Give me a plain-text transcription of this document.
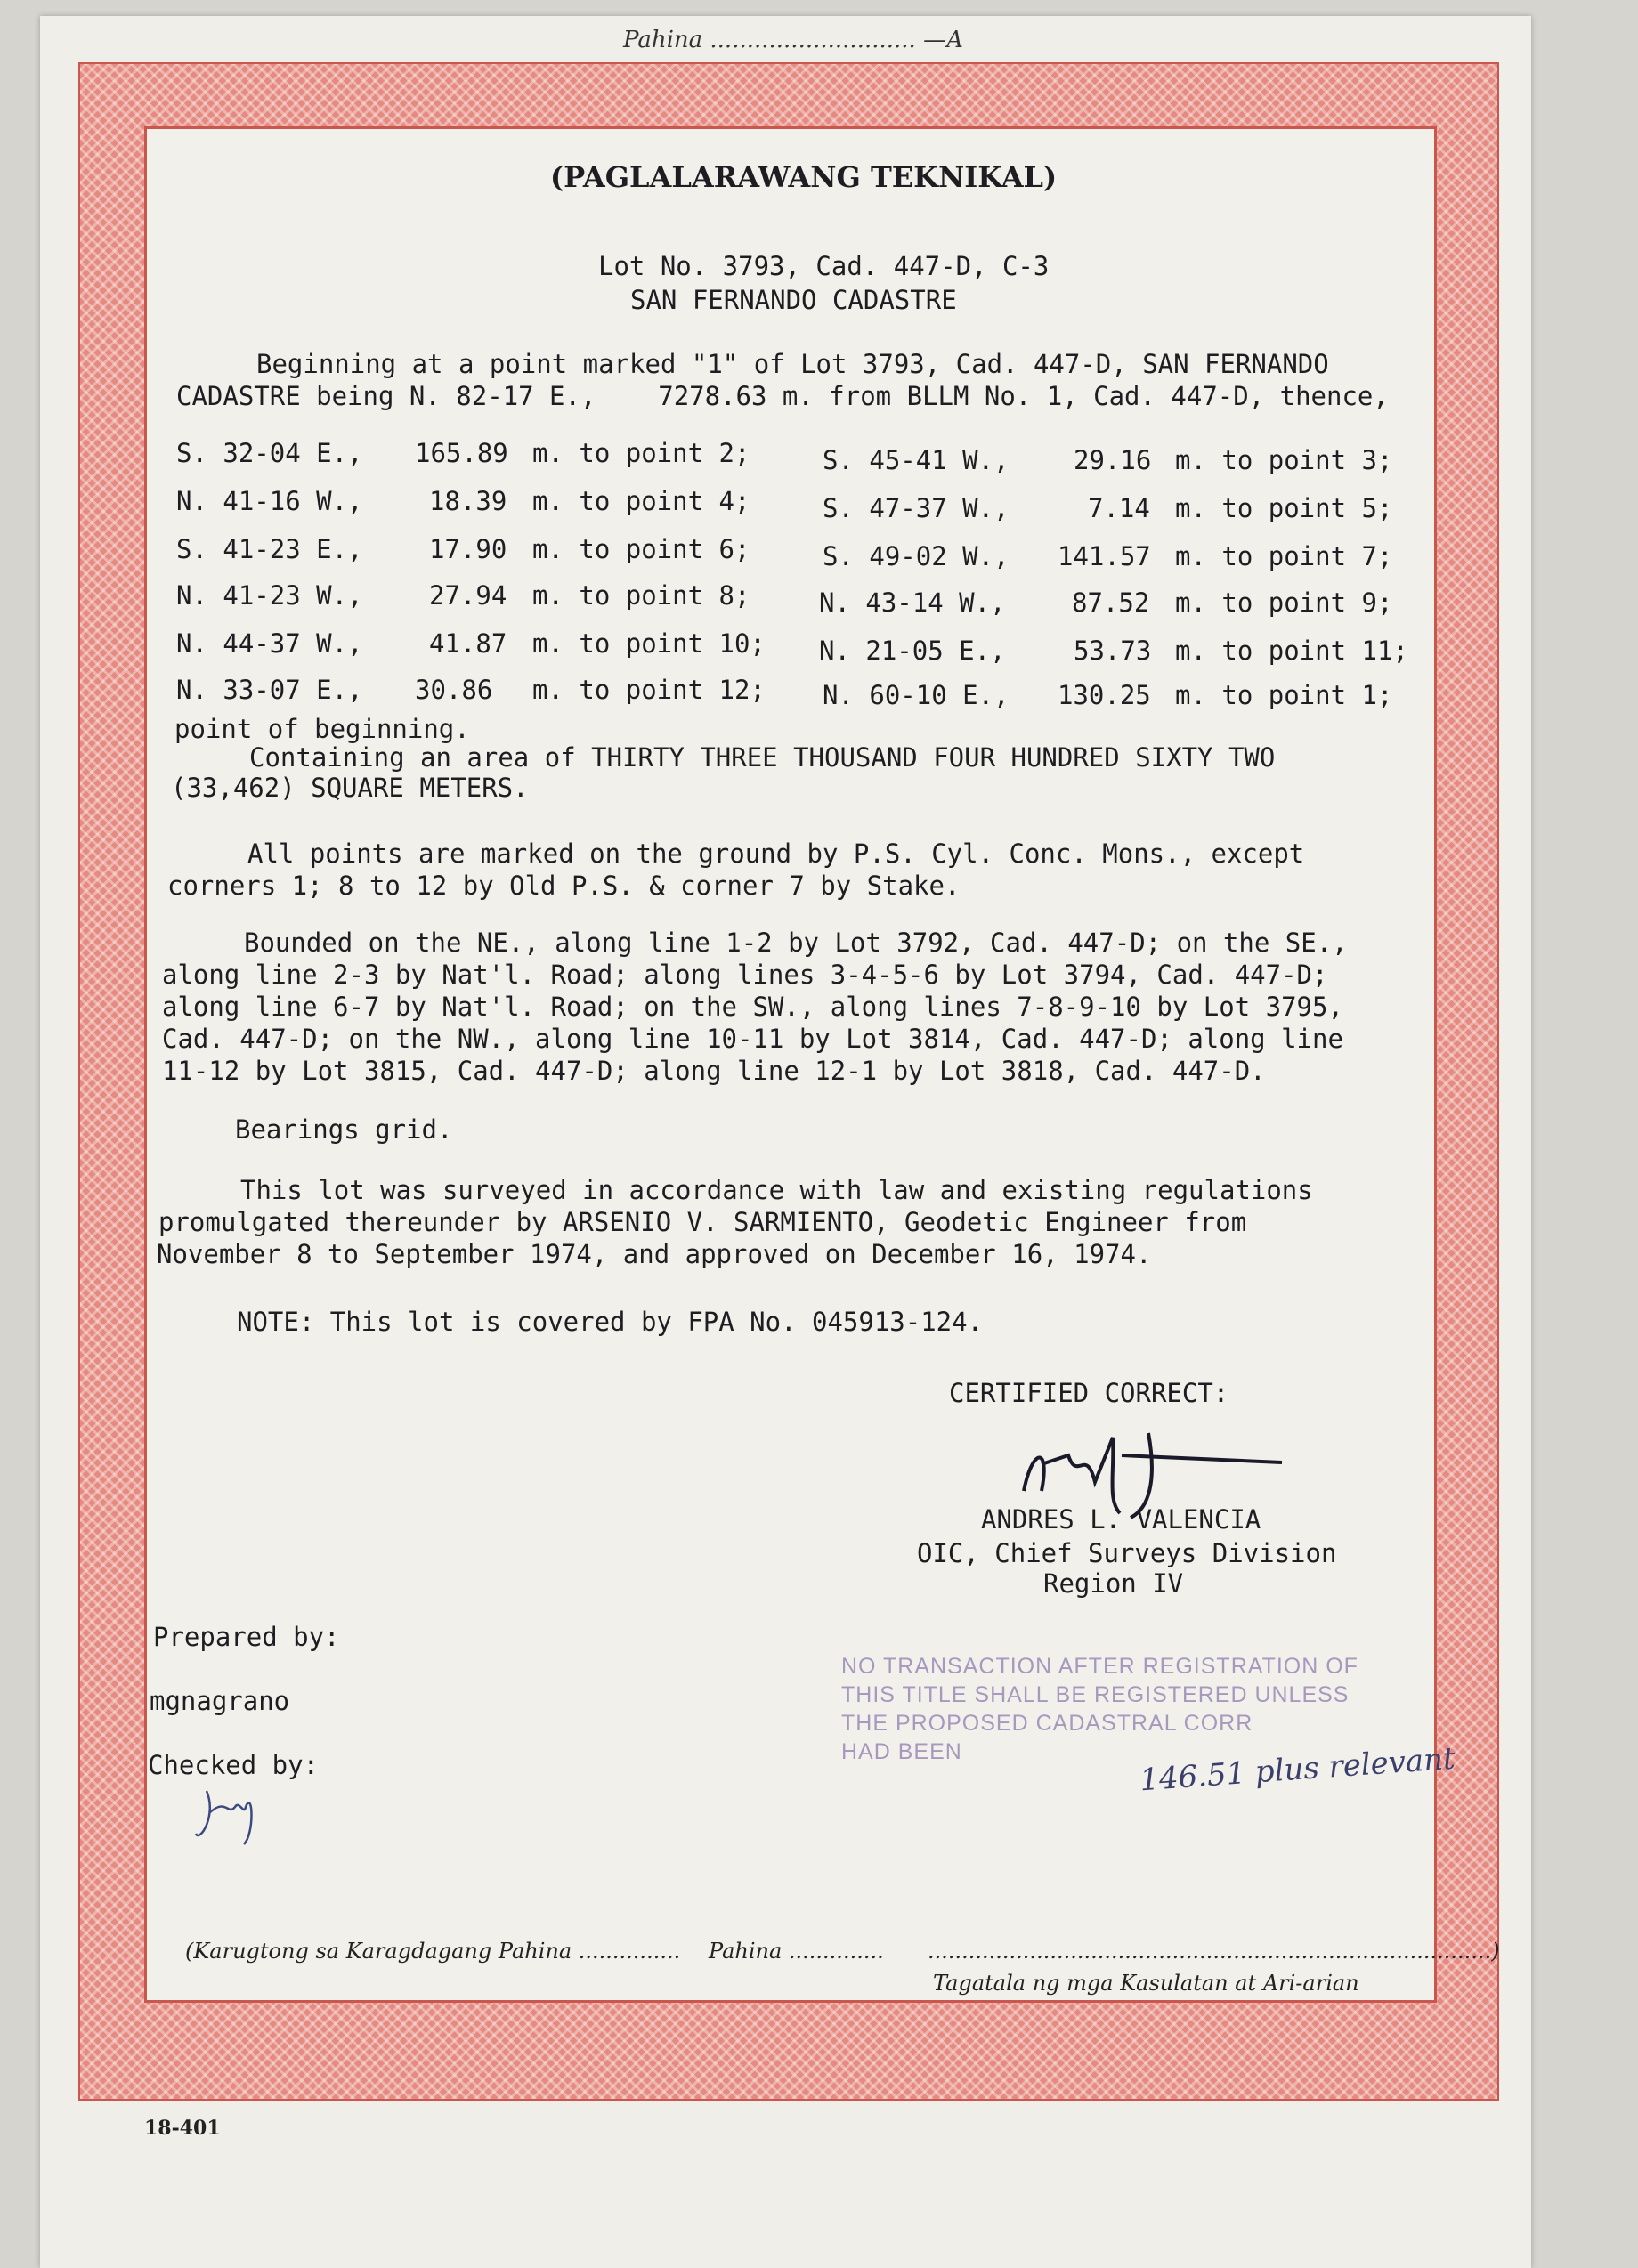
Pahina ............................ —A
(PAGLALARAWANG TEKNIKAL)
Lot No. 3793, Cad. 447-D, C-3
SAN FERNANDO CADASTRE
Beginning at a point marked "1" of Lot 3793, Cad. 447-D, SAN FERNANDO
CADASTRE being N. 82-17 E.,    7278.63 m. from BLLM No. 1, Cad. 447-D, thence,
S. 32-04 E., 165.89 m. to point 2;	S. 45-41 W., 29.16 m. to point 3;
N. 41-16 W.,	18.39 m. to point 4;	S. 47-37 W.,	7.14 m. to point 5;
S. 41-23 E.,	17.90 m. to point 6;	S. 49-02 W., 141.57 m. to point 7;
N. 41-23 W.,	27.94 m. to point 8;	N. 43-14 W.,	87.52 m. to point 9;
N. 44-37 W.,	41.87 m. to point 10; N. 21-05 E.,	53.73 m. to point 11;
N. 33-07 E., 30.86 m. to point 12; N. 60-10 E., 130.25 m. to point 1;
point of beginning.
Containing an area of THIRTY THREE THOUSAND FOUR HUNDRED SIXTY TWO
(33,462) SQUARE METERS.
All points are marked on the ground by P.S. Cyl. Conc. Mons., except
corners 1; 8 to 12 by Old P.S. & corner 7 by Stake.
Bounded on the NE., along line 1-2 by Lot 3792, Cad. 447-D; on the SE.,
along line 2-3 by Nat'l. Road; along lines 3-4-5-6 by Lot 3794, Cad. 447-D;
along line 6-7 by Nat'l. Road; on the SW., along lines 7-8-9-10 by Lot 3795,
Cad. 447-D; on the NW., along line 10-11 by Lot 3814, Cad. 447-D; along line
11-12 by Lot 3815, Cad. 447-D; along line 12-1 by Lot 3818, Cad. 447-D.
Bearings grid.
This lot was surveyed in accordance with law and existing regulations
promulgated thereunder by ARSENIO V. SARMIENTO, Geodetic Engineer from
November 8 to September 1974, and approved on December 16, 1974.
NOTE: This lot is covered by FPA No. 045913-124.
CERTIFIED CORRECT:
ANDRES L. VALENCIA
OIC, Chief Surveys Division
Region IV
Prepared by:
mgnagrano
Checked by:
NO TRANSACTION AFTER REGISTRATION OF
THIS TITLE SHALL BE REGISTERED UNLESS
THE PROPOSED CADASTRAL CORR
HAD BEEN	146.51 plus relevant
(Karugtong sa Karagdagang Pahina ............... Pahina .............. ...................................................................................)
Tagatala ng mga Kasulatan at Ari-arian
18-401
